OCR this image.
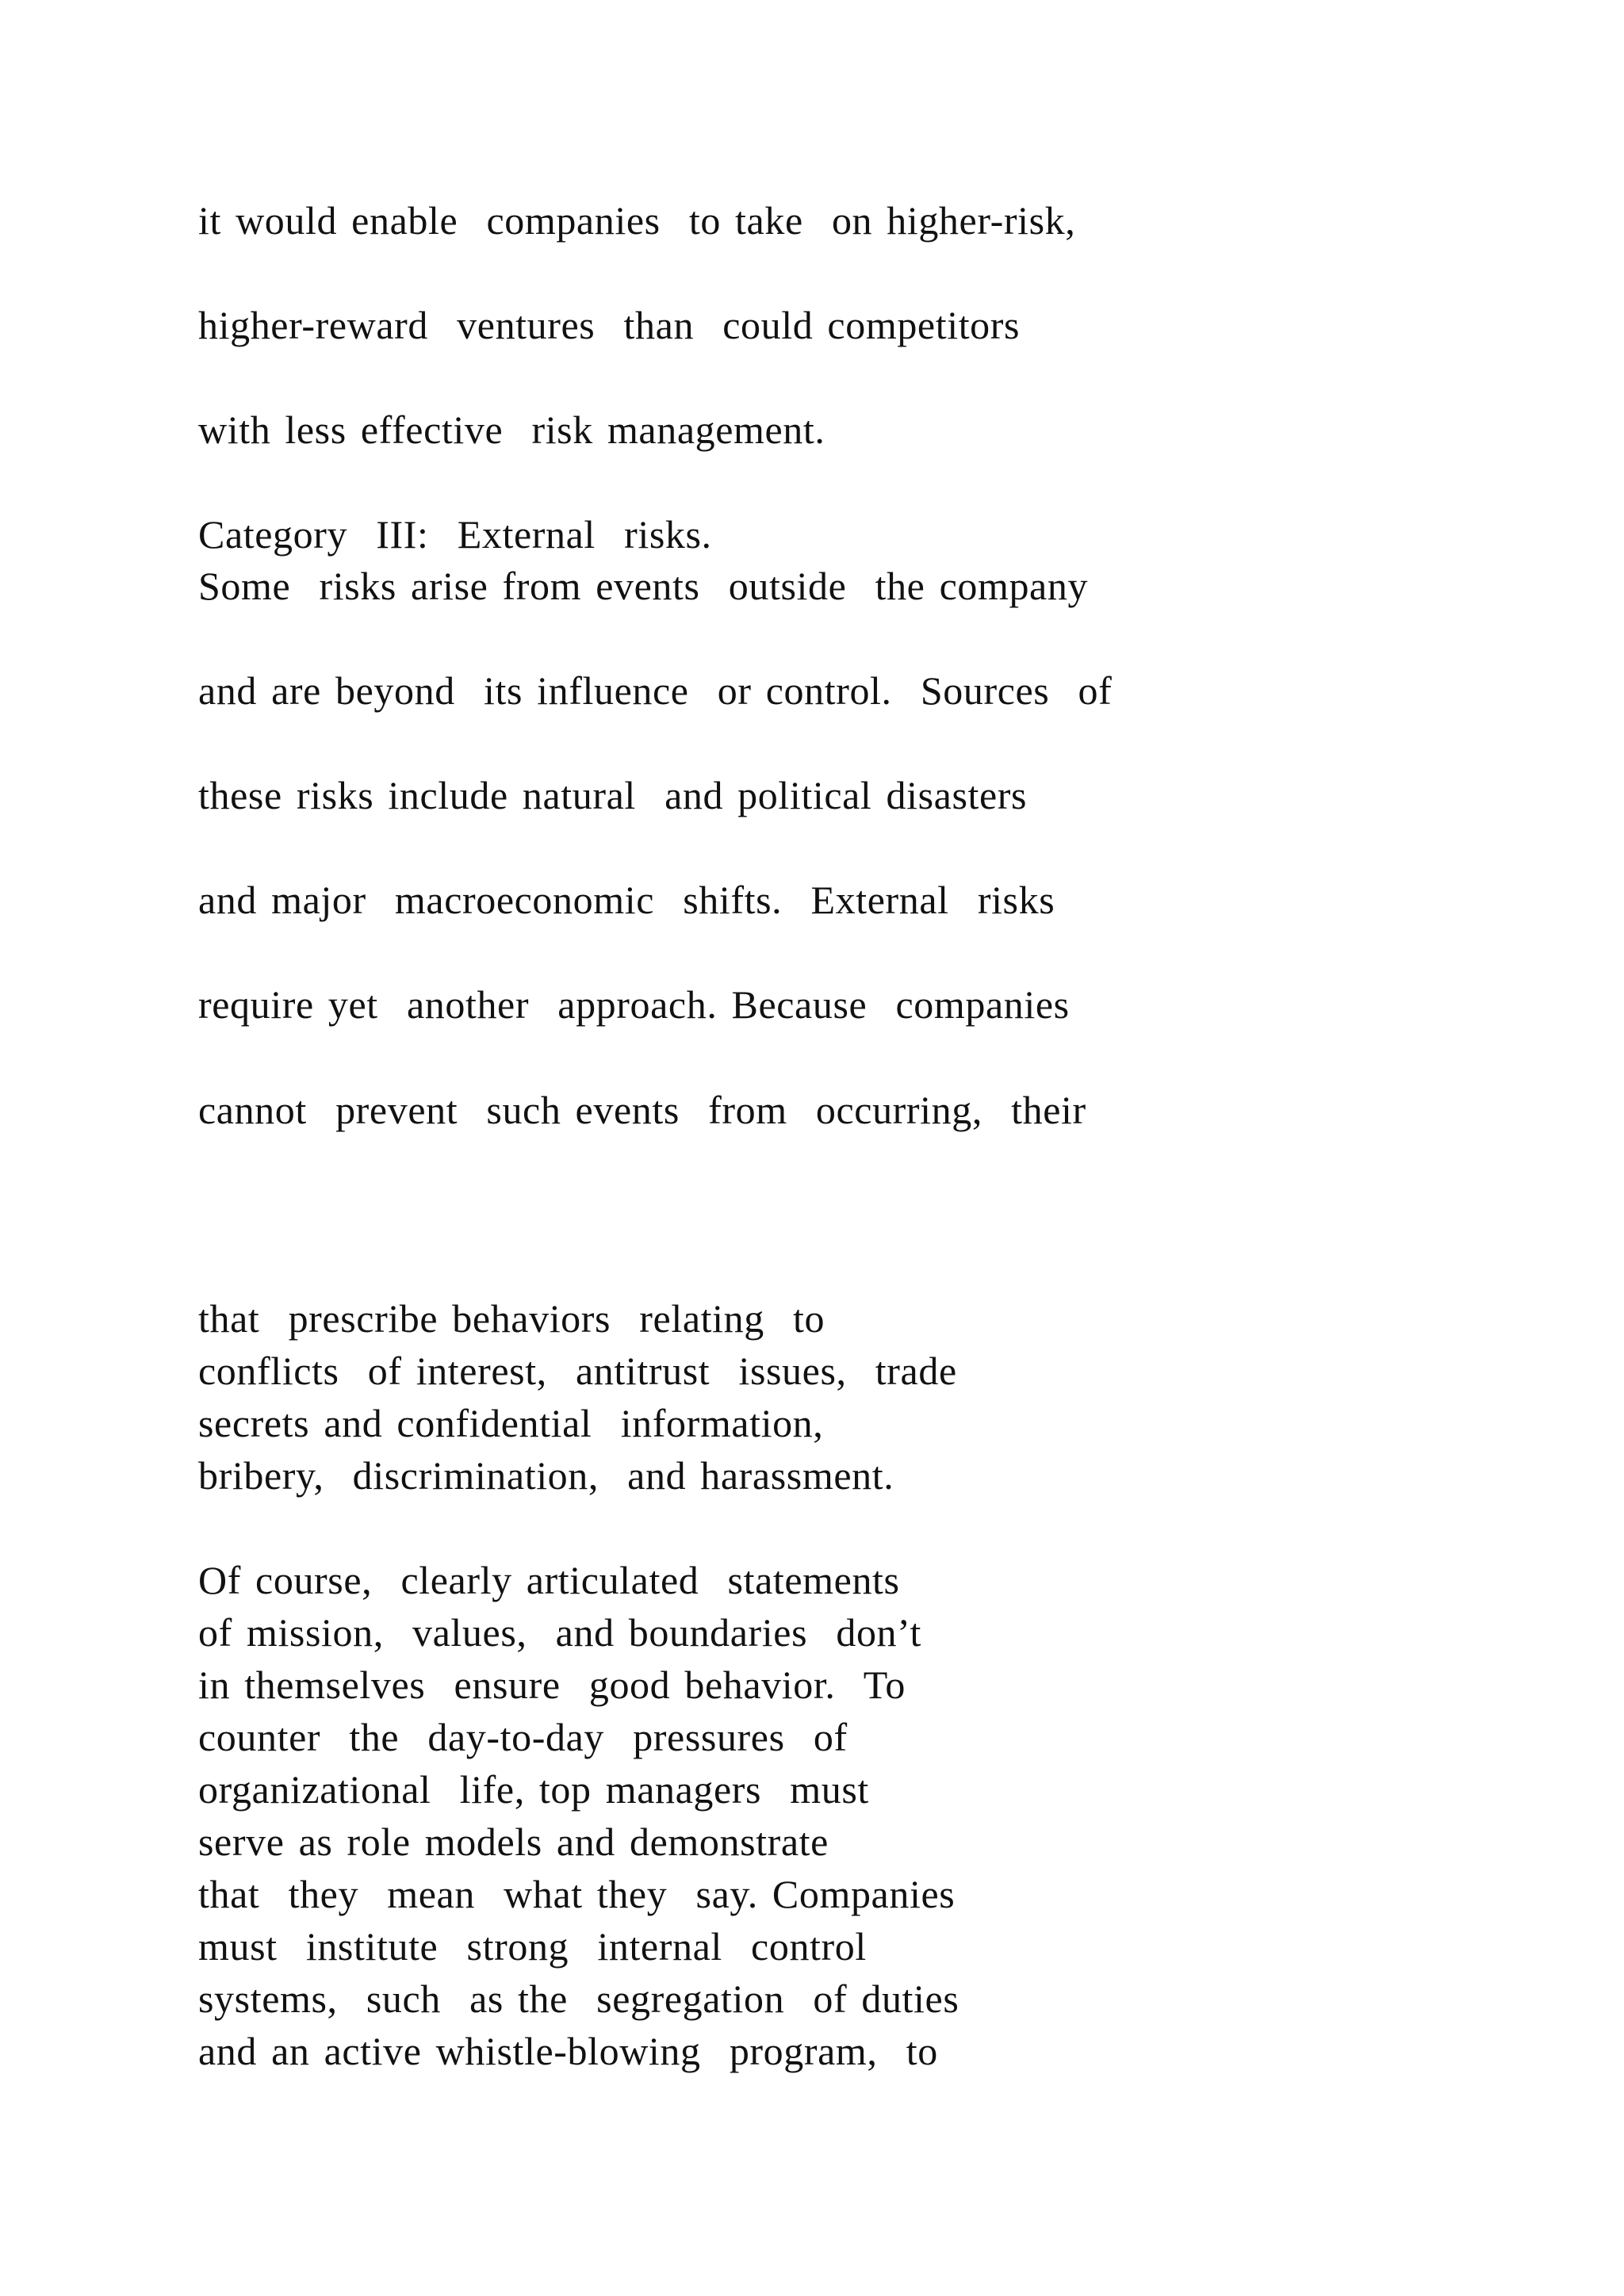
it would enable  companies  to take  on higher-risk,

higher-reward  ventures  than  could competitors

with less effective  risk management.

Category  III:  External  risks.

Some  risks arise from events  outside  the company

and are beyond  its influence  or control.  Sources  of

these risks include natural  and political disasters

and major  macroeconomic  shifts.  External  risks

require yet  another  approach. Because  companies

cannot  prevent  such events  from  occurring,  their

that  prescribe behaviors  relating  to

conflicts  of interest,  antitrust  issues,  trade

secrets and confidential  information,

bribery,  discrimination,  and harassment.

Of course,  clearly articulated  statements

of mission,  values,  and boundaries  don’t

in themselves  ensure  good behavior.  To

counter  the  day-to-day  pressures  of

organizational  life, top managers  must

serve as role models and demonstrate

that  they  mean  what they  say. Companies

must  institute  strong  internal  control

systems,  such  as the  segregation  of duties

and an active whistle-blowing  program,  to
